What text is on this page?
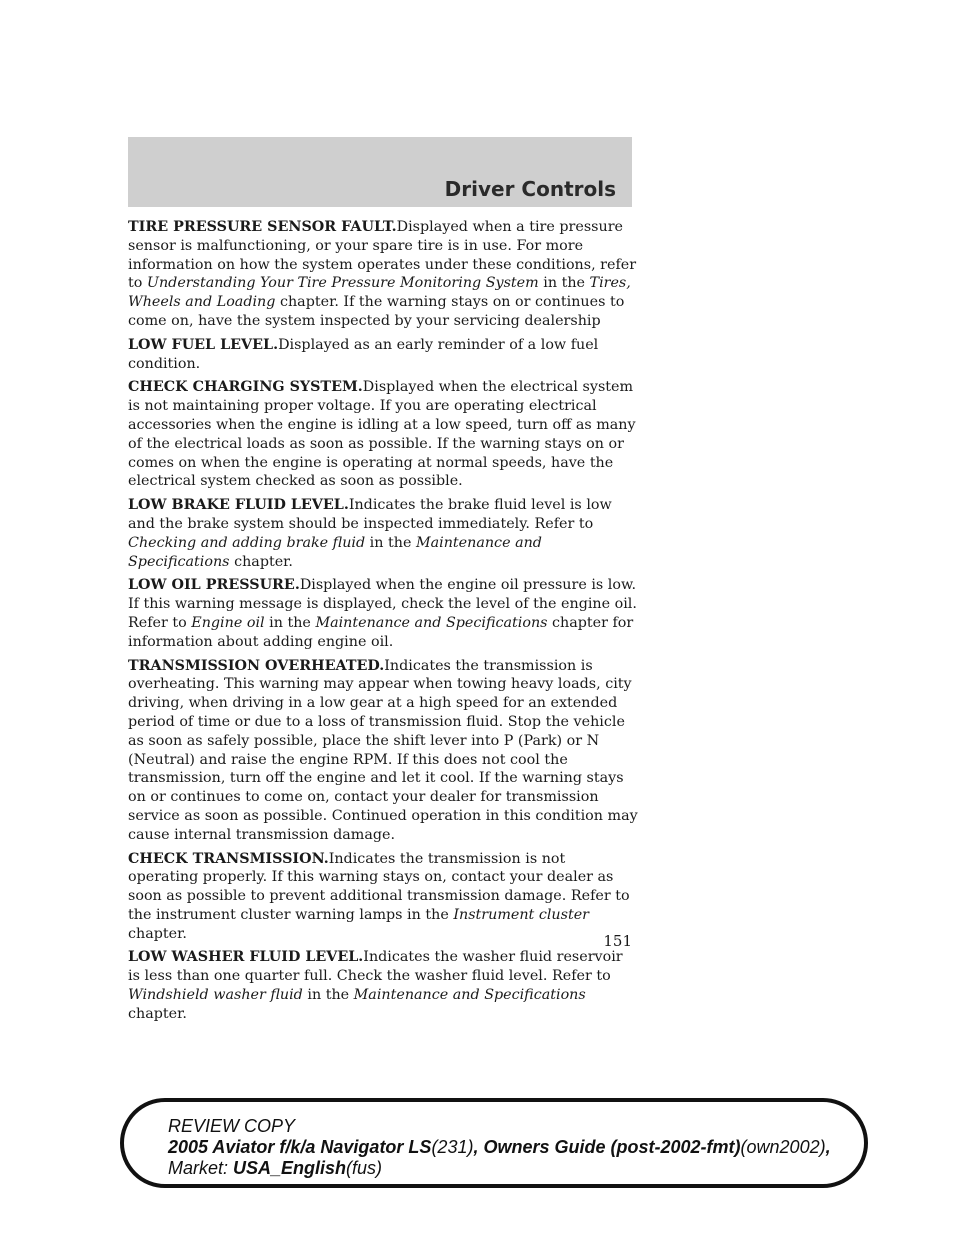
Driver Controls

TIRE PRESSURE SENSOR FAULT.Displayed when a tire pressure sensor is malfunctioning, or your spare tire is in use. For more information on how the system operates under these conditions, refer to Understanding Your Tire Pressure Monitoring System in the Tires, Wheels and Loading chapter. If the warning stays on or continues to come on, have the system inspected by your servicing dealership

LOW FUEL LEVEL.Displayed as an early reminder of a low fuel condition.

CHECK CHARGING SYSTEM.Displayed when the electrical system is not maintaining proper voltage. If you are operating electrical accessories when the engine is idling at a low speed, turn off as many of the electrical loads as soon as possible. If the warning stays on or comes on when the engine is operating at normal speeds, have the electrical system checked as soon as possible.

LOW BRAKE FLUID LEVEL.Indicates the brake fluid level is low and the brake system should be inspected immediately. Refer to Checking and adding brake fluid in the Maintenance and Specifications chapter.

LOW OIL PRESSURE.Displayed when the engine oil pressure is low. If this warning message is displayed, check the level of the engine oil. Refer to Engine oil in the Maintenance and Specifications chapter for information about adding engine oil.

TRANSMISSION OVERHEATED.Indicates the transmission is overheating. This warning may appear when towing heavy loads, city driving, when driving in a low gear at a high speed for an extended period of time or due to a loss of transmission fluid. Stop the vehicle as soon as safely possible, place the shift lever into P (Park) or N (Neutral) and raise the engine RPM. If this does not cool the transmission, turn off the engine and let it cool. If the warning stays on or continues to come on, contact your dealer for transmission service as soon as possible. Continued operation in this condition may cause internal transmission damage.

CHECK TRANSMISSION.Indicates the transmission is not operating properly. If this warning stays on, contact your dealer as soon as possible to prevent additional transmission damage. Refer to the instrument cluster warning lamps in the Instrument cluster chapter.

LOW WASHER FLUID LEVEL.Indicates the washer fluid reservoir is less than one quarter full. Check the washer fluid level. Refer to Windshield washer fluid in the Maintenance and Specifications chapter.

151
REVIEW COPY
2005 Aviator f/k/a Navigator LS(231), Owners Guide (post-2002-fmt)(own2002),
Market: USA_English(fus)
